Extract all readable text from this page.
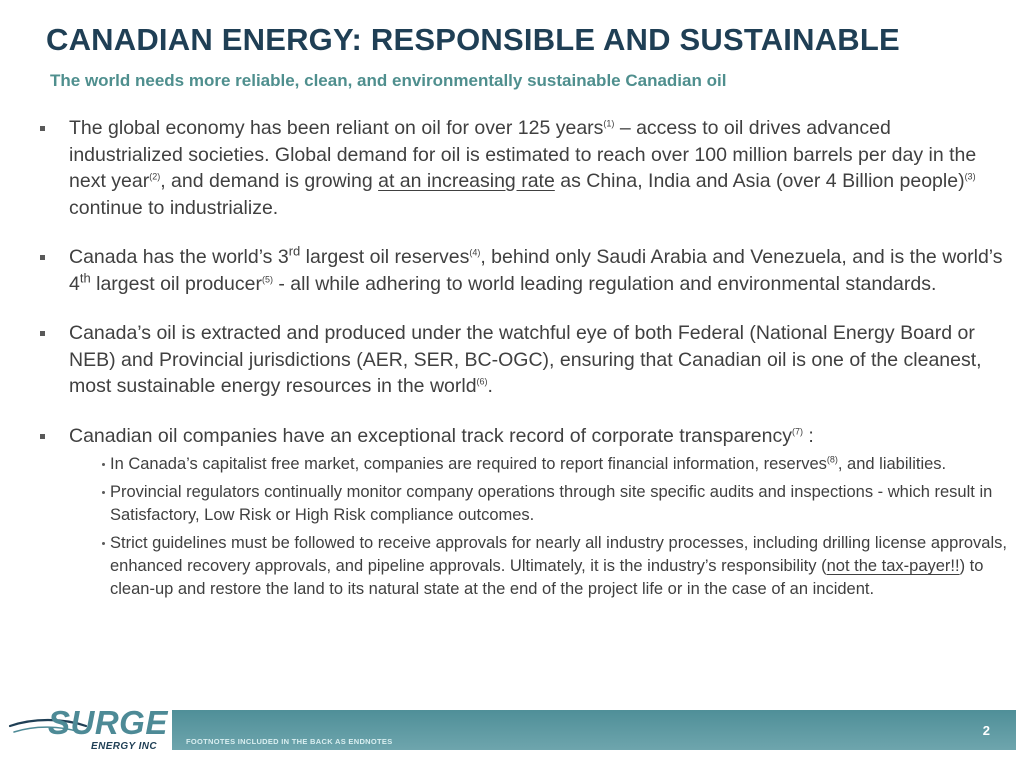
CANADIAN ENERGY: RESPONSIBLE AND SUSTAINABLE
The world needs more reliable, clean, and environmentally sustainable Canadian oil
The global economy has been reliant on oil for over 125 years$^{(1)}$ – access to oil drives advanced industrialized societies. Global demand for oil is estimated to reach over 100 million barrels per day in the next year$^{(2)}$, and demand is growing at an increasing rate as China, India and Asia (over 4 Billion people)$^{(3)}$ continue to industrialize.
Canada has the world’s 3rd largest oil reserves$^{(4)}$, behind only Saudi Arabia and Venezuela, and is the world’s 4th largest oil producer$^{(5)}$ - all while adhering to world leading regulation and environmental standards.
Canada’s oil is extracted and produced under the watchful eye of both Federal (National Energy Board or NEB) and Provincial jurisdictions (AER, SER, BC-OGC), ensuring that Canadian oil is one of the cleanest, most sustainable energy resources in the world$^{(6)}$.
Canadian oil companies have an exceptional track record of corporate transparency$^{(7)}$ :
In Canada’s capitalist free market, companies are required to report financial information, reserves$^{(8)}$, and liabilities.
Provincial regulators continually monitor company operations through site specific audits and inspections - which result in Satisfactory, Low Risk or High Risk compliance outcomes.
Strict guidelines must be followed to receive approvals for nearly all industry processes, including drilling license approvals, enhanced recovery approvals, and pipeline approvals. Ultimately, it is the industry’s responsibility (not the tax-payer!!) to clean-up and restore the land to its natural state at the end of the project life or in the case of an incident.
SURGE
ENERGY INC	FOOTNOTES INCLUDED IN THE BACK AS ENDNOTES
2
